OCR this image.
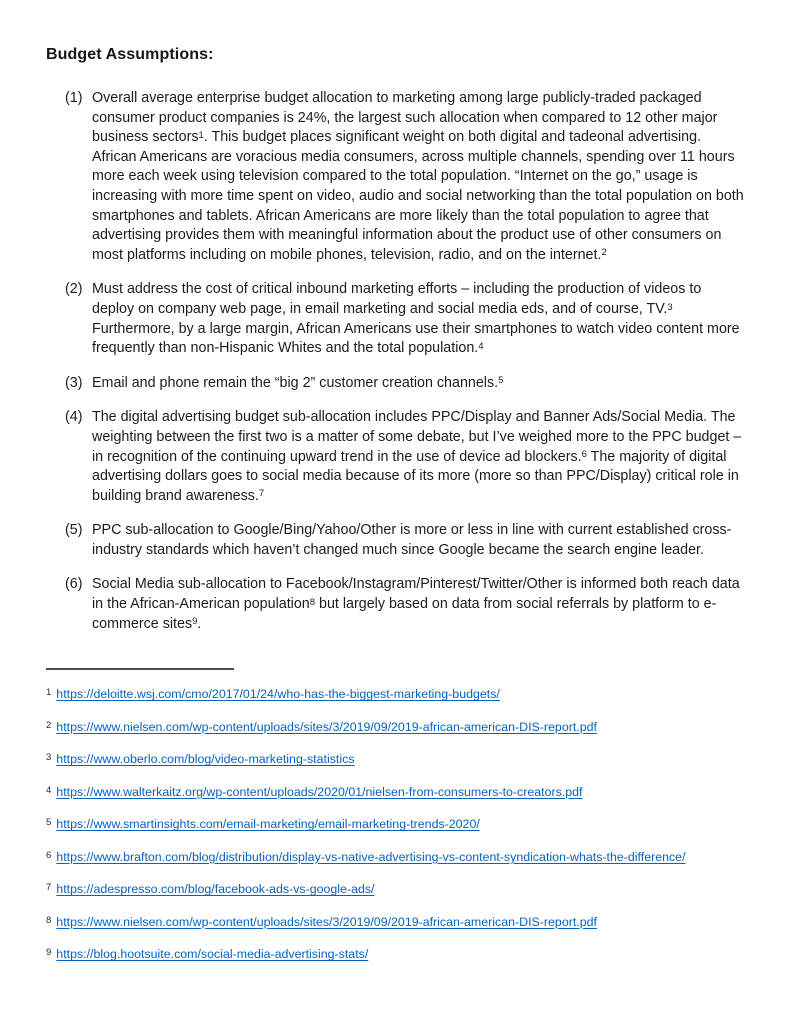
Budget Assumptions:
(1) Overall average enterprise budget allocation to marketing among large publicly-traded packaged consumer product companies is 24%, the largest such allocation when compared to 12 other major business sectors$^1$. This budget places significant weight on both digital and tadeonal advertising. African Americans are voracious media consumers, across multiple channels, spending over 11 hours more each week using television compared to the total population. “Internet on the go,” usage is increasing with more time spent on video, audio and social networking than the total population on both smartphones and tablets. African Americans are more likely than the total population to agree that advertising provides them with meaningful information about the product use of other consumers on most platforms including on mobile phones, television, radio, and on the internet.$^2$
(2) Must address the cost of critical inbound marketing efforts – including the production of videos to deploy on company web page, in email marketing and social media eds, and of course, TV.$^3$ Furthermore, by a large margin, African Americans use their smartphones to watch video content more frequently than non-Hispanic Whites and the total population.$^4$
(3) Email and phone remain the “big 2” customer creation channels.$^5$
(4) The digital advertising budget sub-allocation includes PPC/Display and Banner Ads/Social Media. The weighting between the first two is a matter of some debate, but I’ve weighed more to the PPC budget – in recognition of the continuing upward trend in the use of device ad blockers.$^6$ The majority of digital advertising dollars goes to social media because of its more (more so than PPC/Display) critical role in building brand awareness.$^7$
(5) PPC sub-allocation to Google/Bing/Yahoo/Other is more or less in line with current established cross-industry standards which haven’t changed much since Google became the search engine leader.
(6) Social Media sub-allocation to Facebook/Instagram/Pinterest/Twitter/Other is informed both reach data in the African-American population$^8$ but largely based on data from social referrals by platform to e-commerce sites$^9$.
$^1$ https://deloitte.wsj.com/cmo/2017/01/24/who-has-the-biggest-marketing-budgets/
$^2$ https://www.nielsen.com/wp-content/uploads/sites/3/2019/09/2019-african-american-DIS-report.pdf
$^3$ https://www.oberlo.com/blog/video-marketing-statistics
$^4$ https://www.walterkaitz.org/wp-content/uploads/2020/01/nielsen-from-consumers-to-creators.pdf
$^5$ https://www.smartinsights.com/email-marketing/email-marketing-trends-2020/
$^6$ https://www.brafton.com/blog/distribution/display-vs-native-advertising-vs-content-syndication-whats-the-difference/
$^7$ https://adespresso.com/blog/facebook-ads-vs-google-ads/
$^8$ https://www.nielsen.com/wp-content/uploads/sites/3/2019/09/2019-african-american-DIS-report.pdf
$^9$ https://blog.hootsuite.com/social-media-advertising-stats/
